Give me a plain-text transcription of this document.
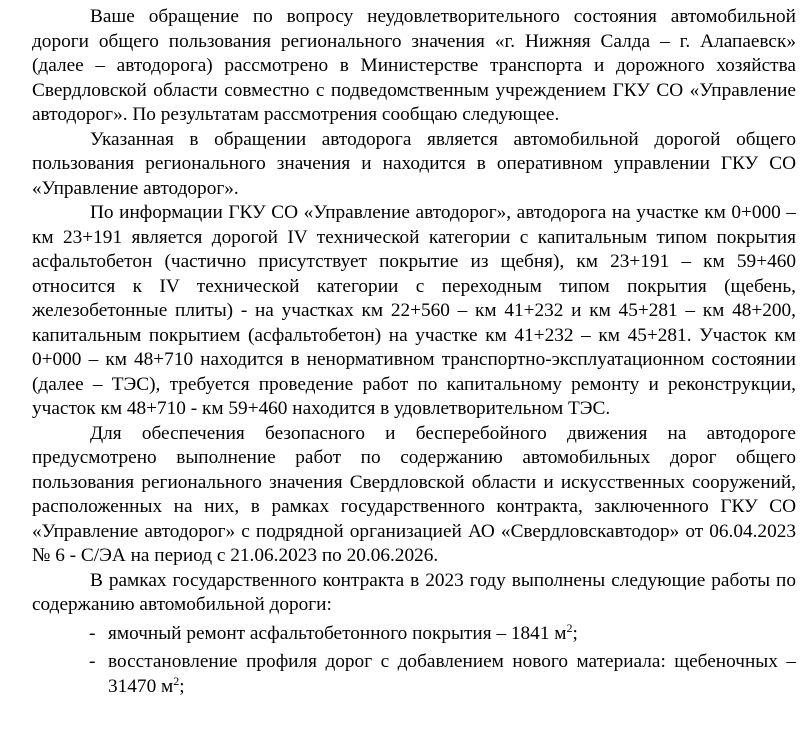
Ваше обращение по вопросу неудовлетворительного состояния автомобильной дороги общего пользования регионального значения «г. Нижняя Салда – г. Алапаевск» (далее – автодорога) рассмотрено в Министерстве транспорта и дорожного хозяйства Свердловской области совместно с подведомственным учреждением ГКУ СО «Управление автодорог». По результатам рассмотрения сообщаю следующее.

Указанная в обращении автодорога является автомобильной дорогой общего пользования регионального значения и находится в оперативном управлении ГКУ СО «Управление автодорог».

По информации ГКУ СО «Управление автодорог», автодорога на участке км 0+000 – км 23+191 является дорогой IV технической категории с капитальным типом покрытия асфальтобетон (частично присутствует покрытие из щебня), км 23+191 – км 59+460 относится к IV технической категории с переходным типом покрытия (щебень, железобетонные плиты) - на участках км 22+560 – км 41+232 и км 45+281 – км 48+200, капитальным покрытием (асфальтобетон) на участке км 41+232 – км 45+281. Участок км 0+000 – км 48+710 находится в ненормативном транспортно-эксплуатационном состоянии (далее – ТЭС), требуется проведение работ по капитальному ремонту и реконструкции, участок км 48+710 - км 59+460 находится в удовлетворительном ТЭС.

Для обеспечения безопасного и бесперебойного движения на автодороге предусмотрено выполнение работ по содержанию автомобильных дорог общего пользования регионального значения Свердловской области и искусственных сооружений, расположенных на них, в рамках государственного контракта, заключенного ГКУ СО «Управление автодорог» с подрядной организацией АО «Свердловскавтодор» от 06.04.2023 № 6 - С/ЭА на период с 21.06.2023 по 20.06.2026.

В рамках государственного контракта в 2023 году выполнены следующие работы по содержанию автомобильной дороги:

- ямочный ремонт асфальтобетонного покрытия – 1841 $м^2$;
- восстановление профиля дорог с добавлением нового материала: щебеночных – 31470 $м^2$;
